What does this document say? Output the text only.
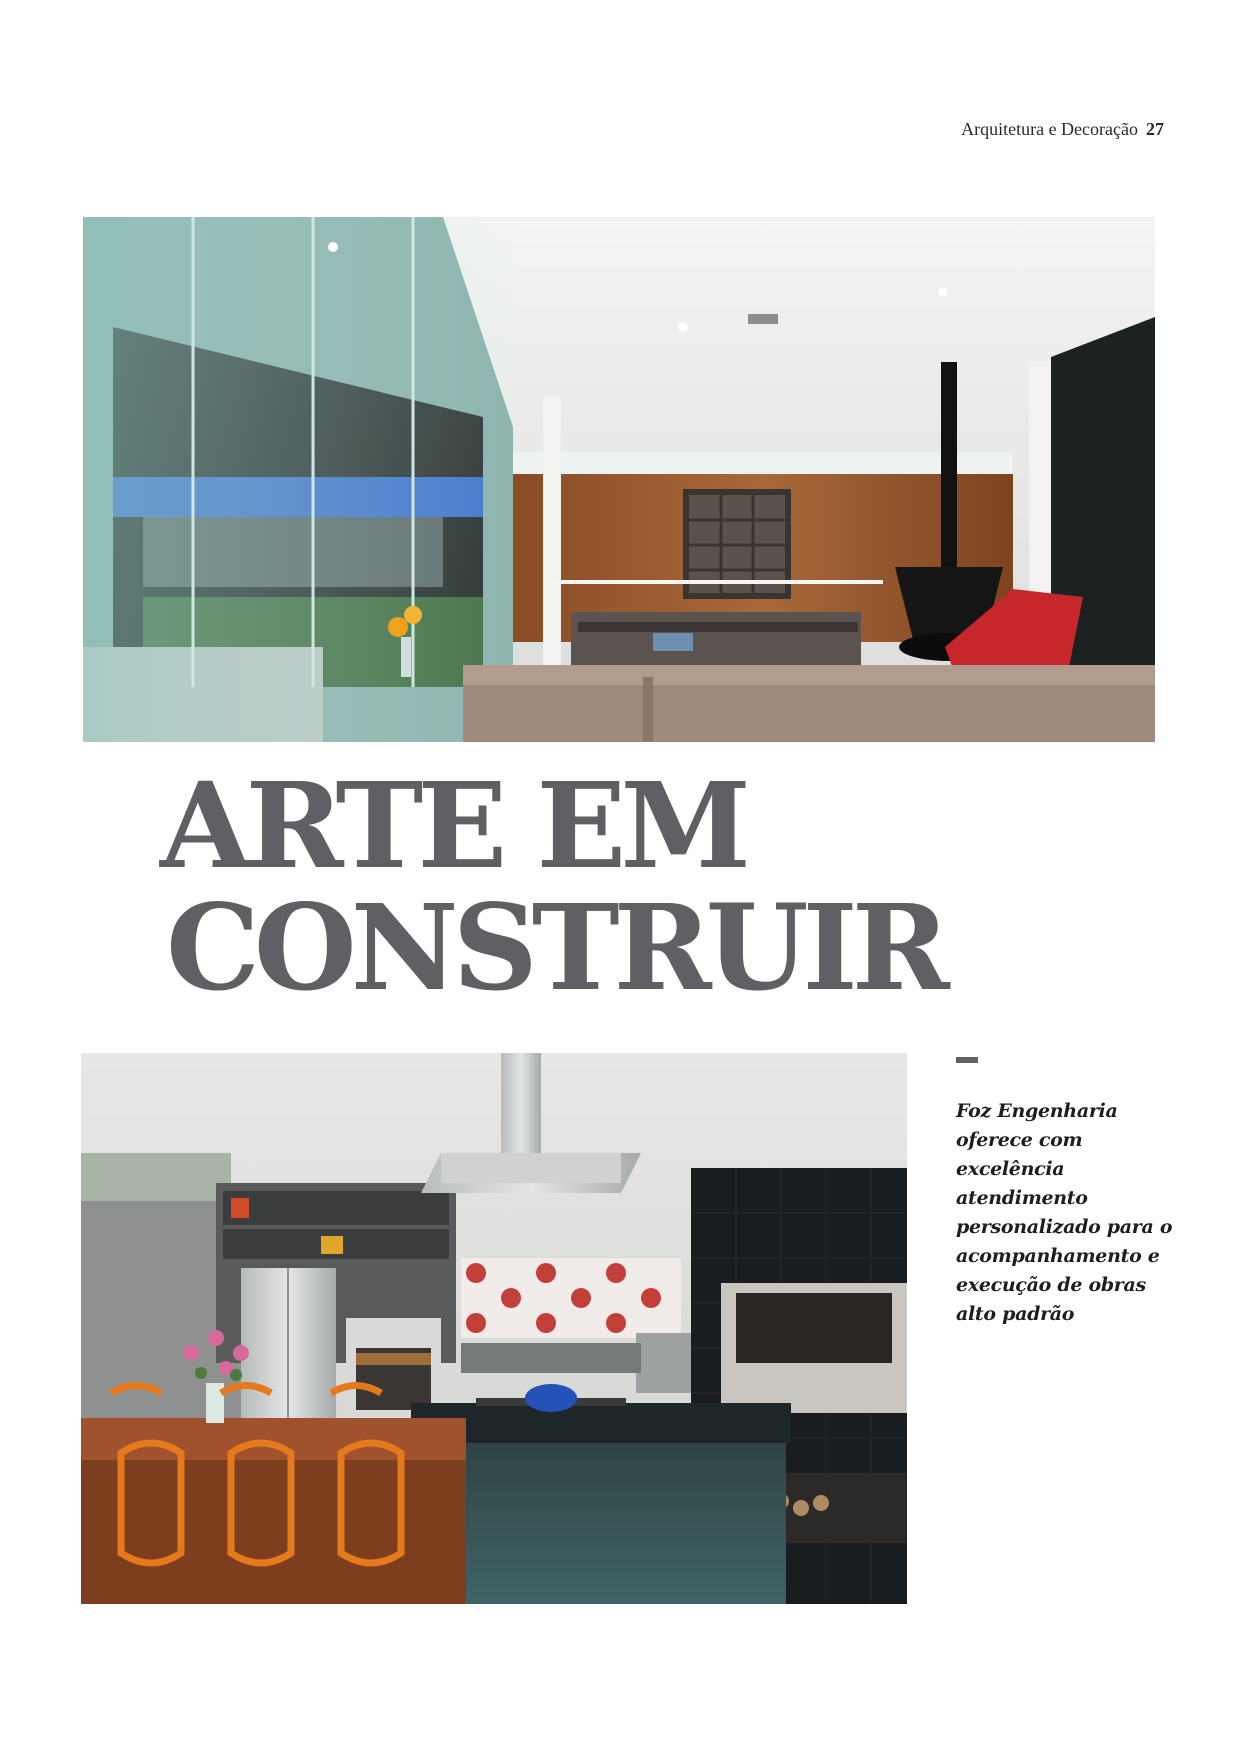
Arquitetura e Decoração 27
ARTE EM
CONSTRUIR
Foz Engenharia oferece com excelência atendimento personalizado para o acompanhamento e execução de obras alto padrão
